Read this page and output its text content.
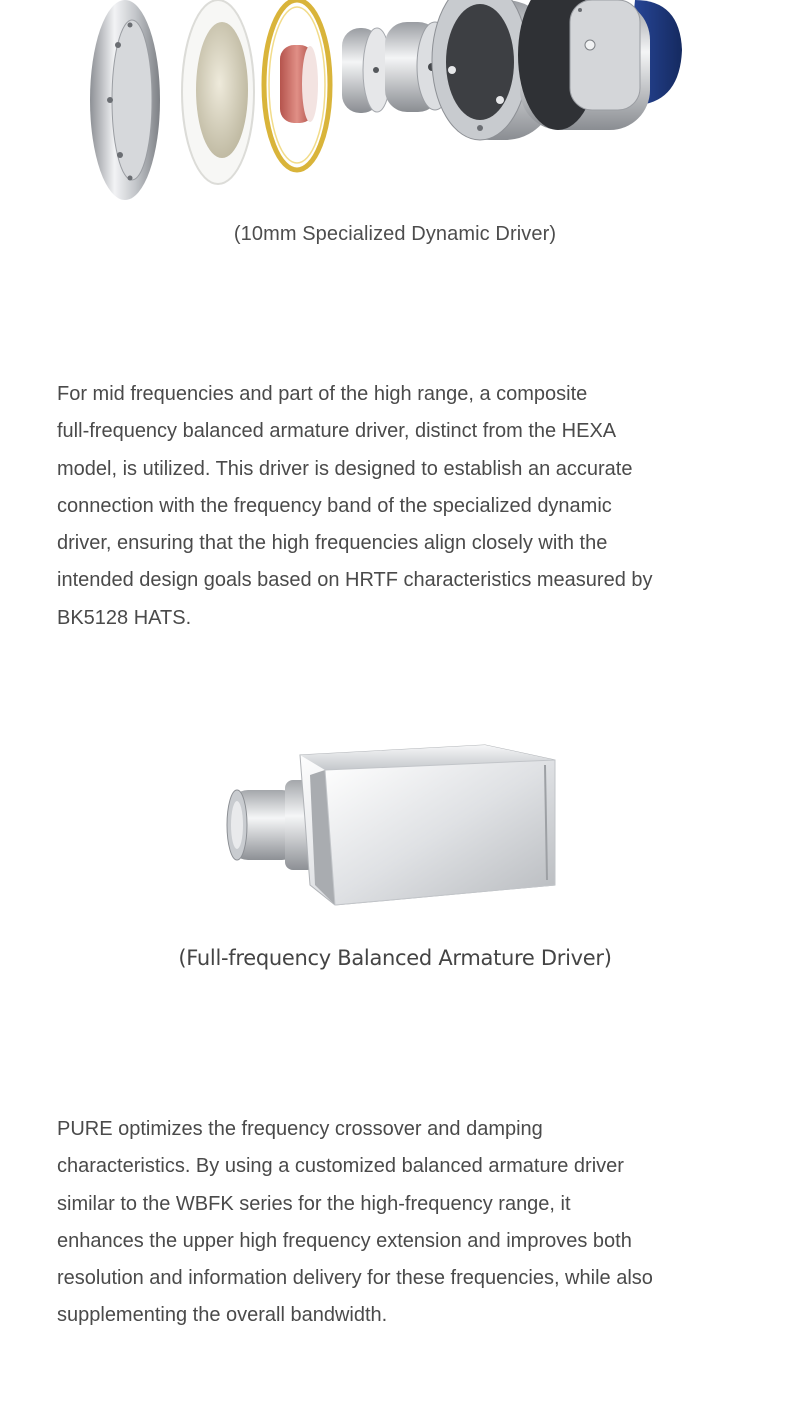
(10mm Specialized Dynamic Driver)

For mid frequencies and part of the high range, a composite
full-frequency balanced armature driver, distinct from the HEXA
model, is utilized. This driver is designed to establish an accurate
connection with the frequency band of the specialized dynamic
driver, ensuring that the high frequencies align closely with the
intended design goals based on HRTF characteristics measured by
BK5128 HATS.

(Full-frequency Balanced Armature Driver)

PURE optimizes the frequency crossover and damping
characteristics. By using a customized balanced armature driver
similar to the WBFK series for the high-frequency range, it
enhances the upper high frequency extension and improves both
resolution and information delivery for these frequencies, while also
supplementing the overall bandwidth.
